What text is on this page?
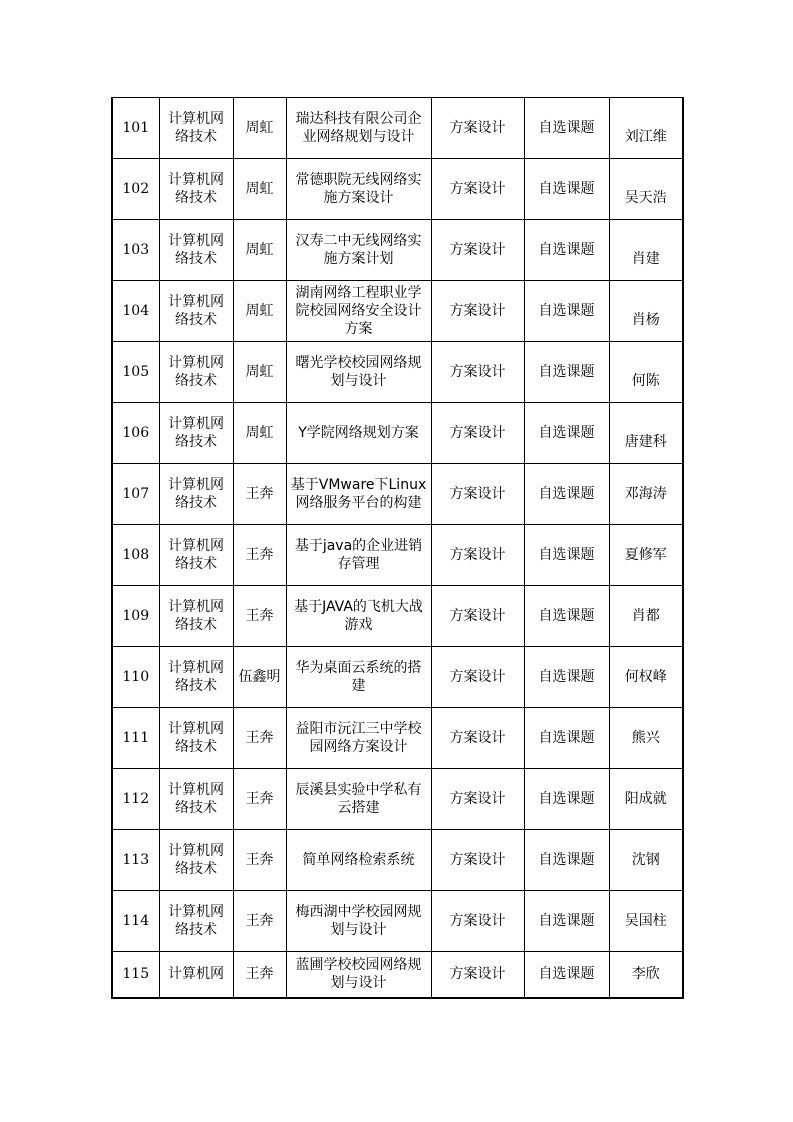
101	计算机网络技术	周虹	瑞达科技有限公司企业网络规划与设计	方案设计	自选课题	刘江维
102	计算机网络技术	周虹	常德职院无线网络实施方案设计	方案设计	自选课题	吴天浩
103	计算机网络技术	周虹	汉寿二中无线网络实施方案计划	方案设计	自选课题	肖建
104	计算机网络技术	周虹	湖南网络工程职业学院校园网络安全设计方案	方案设计	自选课题	肖杨
105	计算机网络技术	周虹	曙光学校校园网络规划与设计	方案设计	自选课题	何陈
106	计算机网络技术	周虹	Y学院网络规划方案	方案设计	自选课题	唐建科
107	计算机网络技术	王奔	基于VMware下Linux网络服务平台的构建	方案设计	自选课题	邓海涛
108	计算机网络技术	王奔	基于java的企业进销存管理	方案设计	自选课题	夏修军
109	计算机网络技术	王奔	基于JAVA的飞机大战游戏	方案设计	自选课题	肖都
110	计算机网络技术	伍鑫明	华为桌面云系统的搭建	方案设计	自选课题	何权峰
111	计算机网络技术	王奔	益阳市沅江三中学校园网络方案设计	方案设计	自选课题	熊兴
112	计算机网络技术	王奔	辰溪县实验中学私有云搭建	方案设计	自选课题	阳成就
113	计算机网络技术	王奔	简单网络检索系统	方案设计	自选课题	沈钢
114	计算机网络技术	王奔	梅西湖中学校园网规划与设计	方案设计	自选课题	吴国柱
115	计算机网	王奔	蓝圃学校校园网络规划与设计	方案设计	自选课题	李欣
